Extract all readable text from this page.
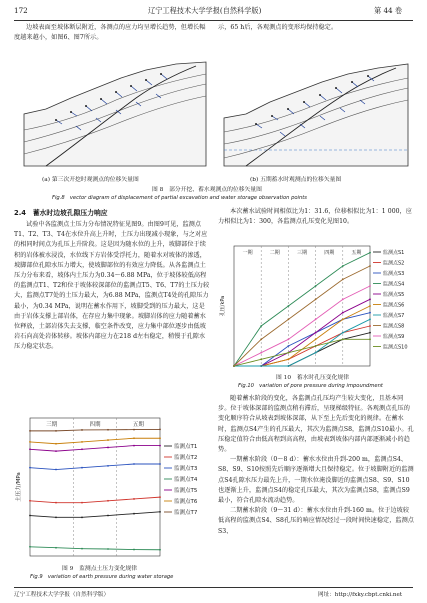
172	辽宁工程技术大学学报(自然科学版)	第 44 卷
边坡表面至坡体断层附近，各测点的应力均呈增长趋势，但增长幅度越来越小，如图6、图7所示。
示，65 h后，各观测点的变形均保持稳定。
(a) 第三次开挖时观测点的位移矢量图	(b) 五期蓄水时观测点的位移矢量图
图 8　部分开挖、蓄水观测点的位移矢量图
Fig.8　vector diagram of displacement of partial excavation and water storage observation points
2.4　蓄水时边坡孔隙压力响应
试验中各监测点土压力分布情况特征见图9。由图9可见，监测点T1、T2、T3、T4在水位升高上升时，土压力出现减小现象，与之对应的相同时间点为孔压上升阶段。这是因为随水位的上升，坡脚部位于续积的岩体被水浸没，水位线下方岩体受浮托力，随着水对坡体的渗透，坡脚部位孔隙水压力增大，使坡脚部位的有效应力降低。从各监测点土压力分布来看，坡体内土压力为0.34～6.88 MPa，位于坡体较低高程的监测点T1、T2和位于坡体较深部位的监测点T5、T6、T7的土压力较大，监测点T7处的土压力最大，为6.88 MPa，监测点T4处的孔隙压力最小，为0.34 MPa，说明在蓄水作用下，坡脚受到的压力最大，这是由于岩体支撑上部岩体，在存应力集中现象。坡脚岩体的应力随着蓄水位释放，土部岩体失去支撑，临空条件改变，应力集中部位逐步由低坡岩石向高处岩体转移。坡体内部应力在218 d左右稳定，稍慢于孔隙水压力稳定状态。
三期	四期	五期
土压力/MPa
监测点T1
监测点T2
监测点T3
监测点T4
监测点T5
监测点T6
监测点T7
图 9　监测点土压力变化规律
Fig.9　variation of earth pressure during water storage
本次蓄水试验时间相似比为1：31.6，位移相似比为1：1 000，应力相似比为1：300，各监测点孔压变化见图10。
一期	二期	三期	四期	五期
孔压/kPa
监测点S1
监测点S2
监测点S3
监测点S4
监测点S5
监测点S6
监测点S7
监测点S8
监测点S9
监测点S10
图 10　蓄水时孔压变化规律
Fig.10　variation of pore pressure during impoundment

随着蓄水阶段的变化，各监测点孔压均产生较大变化，且基本同步。位于坡体深部的监测点稍有滞后，呈现梯级特征。各观测点孔压的变化顺序符合从坡表到坡体深部，从下至上先后变化的规律。在蓄水时，监测点S4产生的孔压最大，其次为监测点S8，监测点S10最小。孔压稳定值符合由低高程到高高程，由坡表到坡体内部内部逐渐减小的趋势。

一期蓄水阶段（0～8 d）：蓄水水位由升到-200 m，监测点S4、S8、S9、S10按照先后顺序逐渐增大且保持稳定。位于坡脚附近的监测点S4孔隙水压力最先上升，一期水位淹没脚近的监测点S8、S9、S10也逐渐上升，监测点S4的稳定孔压最大，其次为监测点S8，监测点S9最小，符合孔隙水流动趋势。

二期蓄水阶段（9～31 d）：蓄水水位由升到-160 m。位于边坡较低高程的监测点S4、S8孔压的响应情况经过一段时间快速稳定，监测点S3、

辽宁工程技术大学学报（自然科学版）	网址：http://fxky.cbpt.cnki.net
